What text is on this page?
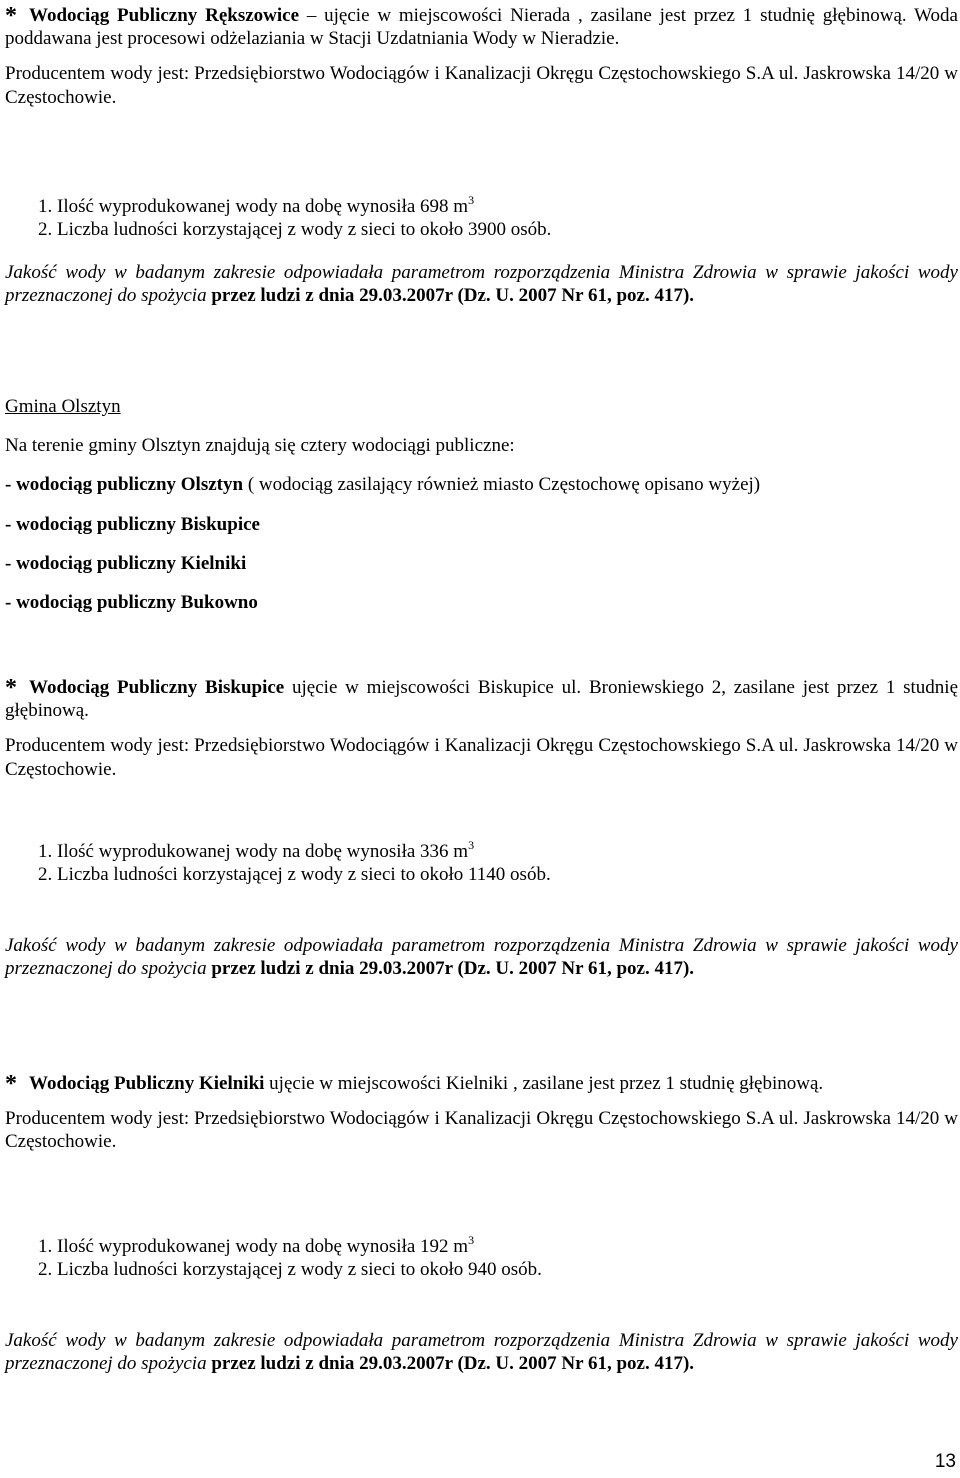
* Wodociąg Publiczny Rększowice – ujęcie w miejscowości Nierada , zasilane jest przez 1 studnię głębinową. Woda poddawana jest procesowi odżelaziania w Stacji Uzdatniania Wody w Nieradzie.

Producentem wody jest: Przedsiębiorstwo Wodociągów i Kanalizacji Okręgu Częstochowskiego S.A ul. Jaskrowska 14/20 w Częstochowie.

1. Ilość wyprodukowanej wody na dobę wynosiła 698 $m^3$

2. Liczba ludności korzystającej z wody z sieci to około 3900 osób.

Jakość wody w badanym zakresie odpowiadała parametrom rozporządzenia Ministra Zdrowia w sprawie jakości wody przeznaczonej do spożycia przez ludzi z dnia 29.03.2007r (Dz. U. 2007 Nr 61, poz. 417).

Gmina Olsztyn

Na terenie gminy Olsztyn znajdują się cztery wodociągi publiczne:

- wodociąg publiczny Olsztyn ( wodociąg zasilający również miasto Częstochowę opisano wyżej)

- wodociąg publiczny Biskupice

- wodociąg publiczny Kielniki

- wodociąg publiczny Bukowno

* Wodociąg Publiczny Biskupice ujęcie w miejscowości Biskupice ul. Broniewskiego 2, zasilane jest przez 1 studnię głębinową.

Producentem wody jest: Przedsiębiorstwo Wodociągów i Kanalizacji Okręgu Częstochowskiego S.A ul. Jaskrowska 14/20 w Częstochowie.

1. Ilość wyprodukowanej wody na dobę wynosiła 336 $m^3$

2. Liczba ludności korzystającej z wody z sieci to około 1140 osób.

Jakość wody w badanym zakresie odpowiadała parametrom rozporządzenia Ministra Zdrowia w sprawie jakości wody przeznaczonej do spożycia przez ludzi z dnia 29.03.2007r (Dz. U. 2007 Nr 61, poz. 417).

* Wodociąg Publiczny Kielniki ujęcie w miejscowości Kielniki , zasilane jest przez 1 studnię głębinową.

Producentem wody jest: Przedsiębiorstwo Wodociągów i Kanalizacji Okręgu Częstochowskiego S.A ul. Jaskrowska 14/20 w Częstochowie.

1. Ilość wyprodukowanej wody na dobę wynosiła 192 $m^3$

2. Liczba ludności korzystającej z wody z sieci to około 940 osób.

Jakość wody w badanym zakresie odpowiadała parametrom rozporządzenia Ministra Zdrowia w sprawie jakości wody przeznaczonej do spożycia przez ludzi z dnia 29.03.2007r (Dz. U. 2007 Nr 61, poz. 417).

13
